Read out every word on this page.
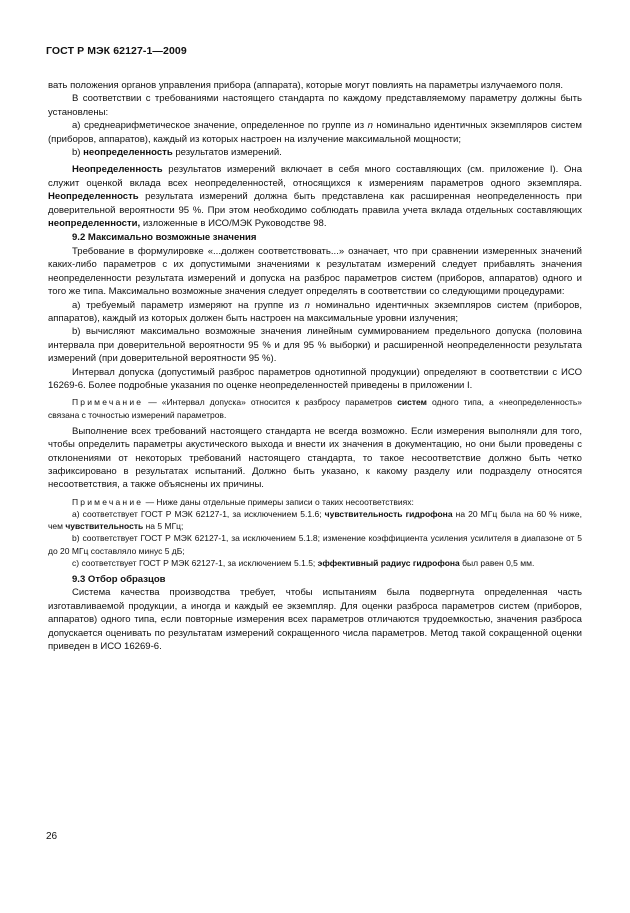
ГОСТ Р МЭК 62127-1—2009

вать положения органов управления прибора (аппарата), которые могут повлиять на параметры излучаемого поля.

В соответствии с требованиями настоящего стандарта по каждому представляемому параметру должны быть установлены:

а) среднеарифметическое значение, определенное по группе из n номинально идентичных экземпляров систем (приборов, аппаратов), каждый из которых настроен на излучение максимальной мощности;

b) неопределенность результатов измерений.

Неопределенность результатов измерений включает в себя много составляющих (см. приложение I). Она служит оценкой вклада всех неопределенностей, относящихся к измерениям параметров одного экземпляра. Неопределенность результата измерений должна быть представлена как расширенная неопределенность при доверительной вероятности 95 %. При этом необходимо соблюдать правила учета вклада отдельных составляющих неопределенности, изложенные в ИСО/МЭК Руководстве 98.

9.2 Максимально возможные значения

Требование в формулировке «...должен соответствовать...» означает, что при сравнении измеренных значений каких-либо параметров с их допустимыми значениями к результатам измерений следует прибавлять значения неопределенности результата измерений и допуска на разброс параметров систем (приборов, аппаратов) одного и того же типа. Максимально возможные значения следует определять в соответствии со следующими процедурами:

а) требуемый параметр измеряют на группе из n номинально идентичных экземпляров систем (приборов, аппаратов), каждый из которых должен быть настроен на максимальные уровни излучения;

b) вычисляют максимально возможные значения линейным суммированием предельного допуска (половина интервала при доверительной вероятности 95 % и для 95 % выборки) и расширенной неопределенности результата измерений (при доверительной вероятности 95 %).

Интервал допуска (допустимый разброс параметров однотипной продукции) определяют в соответствии с ИСО 16269-6. Более подробные указания по оценке неопределенностей приведены в приложении I.

Примечание — «Интервал допуска» относится к разбросу параметров систем одного типа, а «неопределенность» связана с точностью измерений параметров.

Выполнение всех требований настоящего стандарта не всегда возможно. Если измерения выполняли для того, чтобы определить параметры акустического выхода и внести их значения в документацию, но они были проведены с отклонениями от некоторых требований настоящего стандарта, то такое несоответствие должно быть четко зафиксировано в результатах испытаний. Должно быть указано, к какому разделу или подразделу относятся несоответствия, а также объяснены их причины.

Примечание — Ниже даны отдельные примеры записи о таких несоответствиях:

а) соответствует ГОСТ Р МЭК 62127-1, за исключением 5.1.6; чувствительность гидрофона на 20 МГц была на 60 % ниже, чем чувствительность на 5 МГц;

b) соответствует ГОСТ Р МЭК 62127-1, за исключением 5.1.8; изменение коэффициента усиления усилителя в диапазоне от 5 до 20 МГц составляло минус 5 дБ;

c) соответствует ГОСТ Р МЭК 62127-1, за исключением 5.1.5; эффективный радиус гидрофона был равен 0,5 мм.

9.3 Отбор образцов

Система качества производства требует, чтобы испытаниям была подвергнута определенная часть изготавливаемой продукции, а иногда и каждый ее экземпляр. Для оценки разброса параметров систем (приборов, аппаратов) одного типа, если повторные измерения всех параметров отличаются трудоемкостью, значения разброса допускается оценивать по результатам измерений сокращенного числа параметров. Метод такой сокращенной оценки приведен в ИСО 16269-6.

26
